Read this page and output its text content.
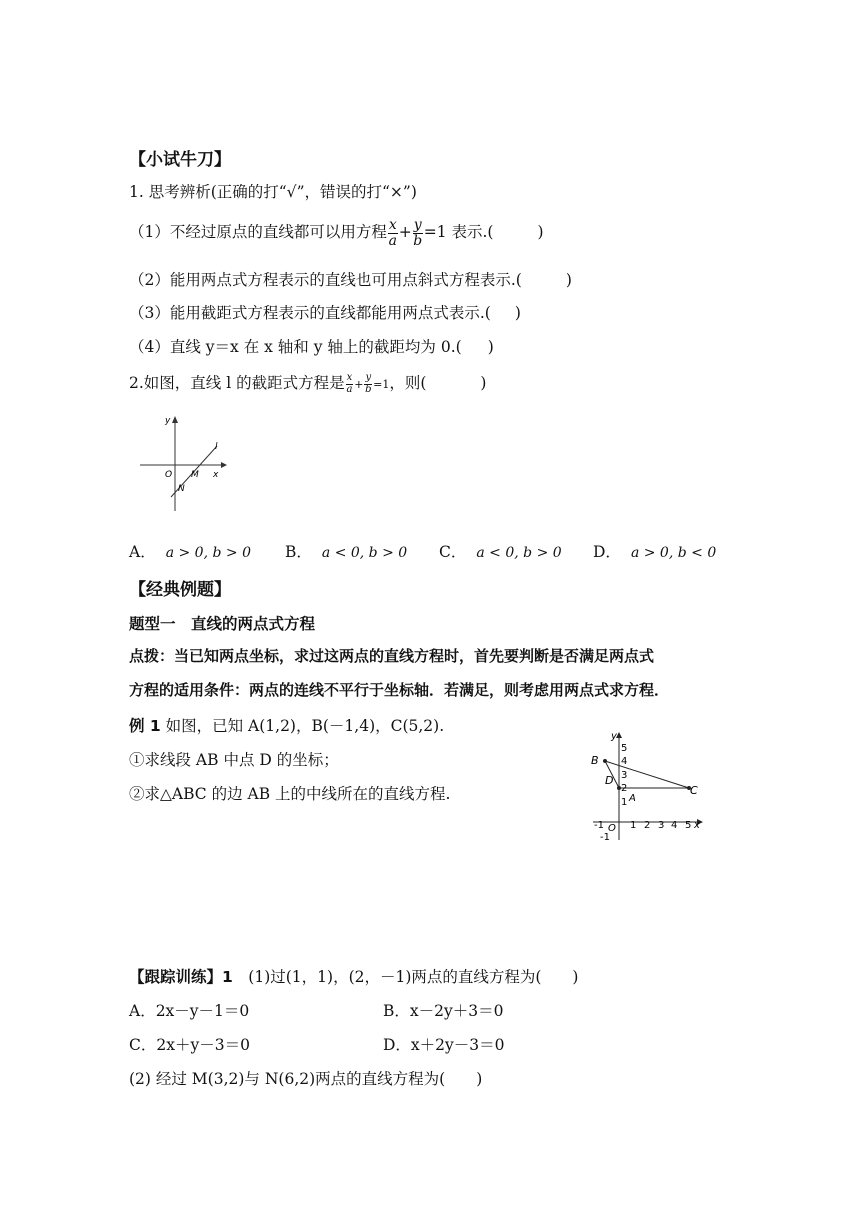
【小试牛刀】
1. 思考辨析(正确的打“√”，错误的打“×”)
（1）不经过原点的直线都可以用方程 $\frac{x}{a} + \frac{y}{b} =1$ 表示.(	)
（2）能用两点式方程表示的直线也可用点斜式方程表示.(	)
（3）能用截距式方程表示的直线都能用两点式表示.( )
（4）直线 y＝x 在 x 轴和 y 轴上的截距均为 0.( )
2.如图，直线 l 的截距式方程是 $\frac{x}{a} + \frac{y}{b} =1$，则(	)
y
x
O M
N
l
A． a > 0, b > 0 B． a < 0, b > 0 C． a < 0, b > 0 D． a > 0, b < 0
【经典例题】
题型一　直线的两点式方程
点拨：当已知两点坐标，求过这两点的直线方程时，首先要判断是否满足两点式
方程的适用条件：两点的连线不平行于坐标轴．若满足，则考虑用两点式求方程．
例 1 如图，已知 A(1,2)，B(－1,4)，C(5,2).
①求线段 AB 中点 D 的坐标；
②求△ABC 的边 AB 上的中线所在的直线方程.
y
x
O
B
C
D
A
5
4
3
2
1
-1
-1	1 2 3 4 5
【跟踪训练】1　(1)过(1，1)，(2，－1)两点的直线方程为(　　)
A．2x－y－1＝0	B．x－2y＋3＝0
C．2x＋y－3＝0	D．x＋2y－3＝0
(2) 经过 M(3,2)与 N(6,2)两点的直线方程为(　　)
